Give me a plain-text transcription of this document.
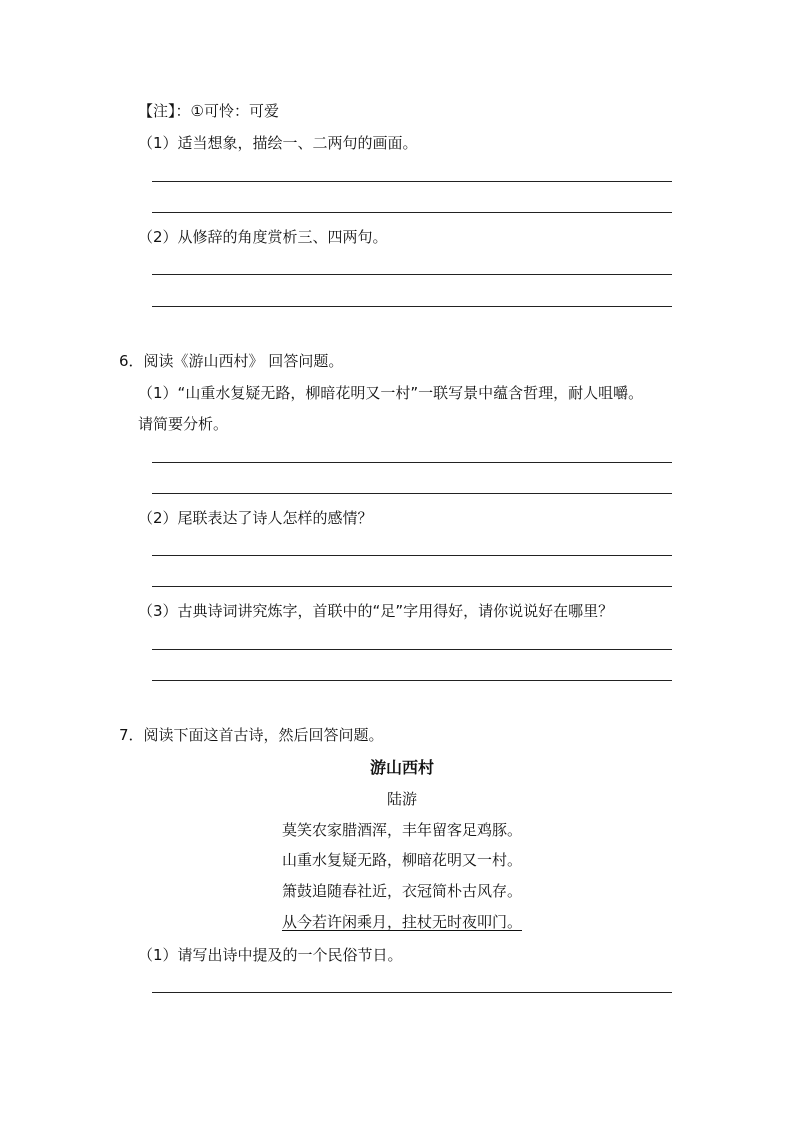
【注】：①可怜：可爱

（1）适当想象，描绘一、二两句的画面。

（2）从修辞的角度赏析三、四两句。

6．阅读《游山西村》 回答问题。

（1）“山重水复疑无路，柳暗花明又一村”一联写景中蕴含哲理，耐人咀嚼。

请简要分析。

（2）尾联表达了诗人怎样的感情？

（3）古典诗词讲究炼字，首联中的“足”字用得好，请你说说好在哪里？

7．阅读下面这首古诗，然后回答问题。

游山西村

陆游

莫笑农家腊酒浑，丰年留客足鸡豚。

山重水复疑无路，柳暗花明又一村。

箫鼓追随春社近，衣冠简朴古风存。

从今若许闲乘月，拄杖无时夜叩门。

（1）请写出诗中提及的一个民俗节日。
